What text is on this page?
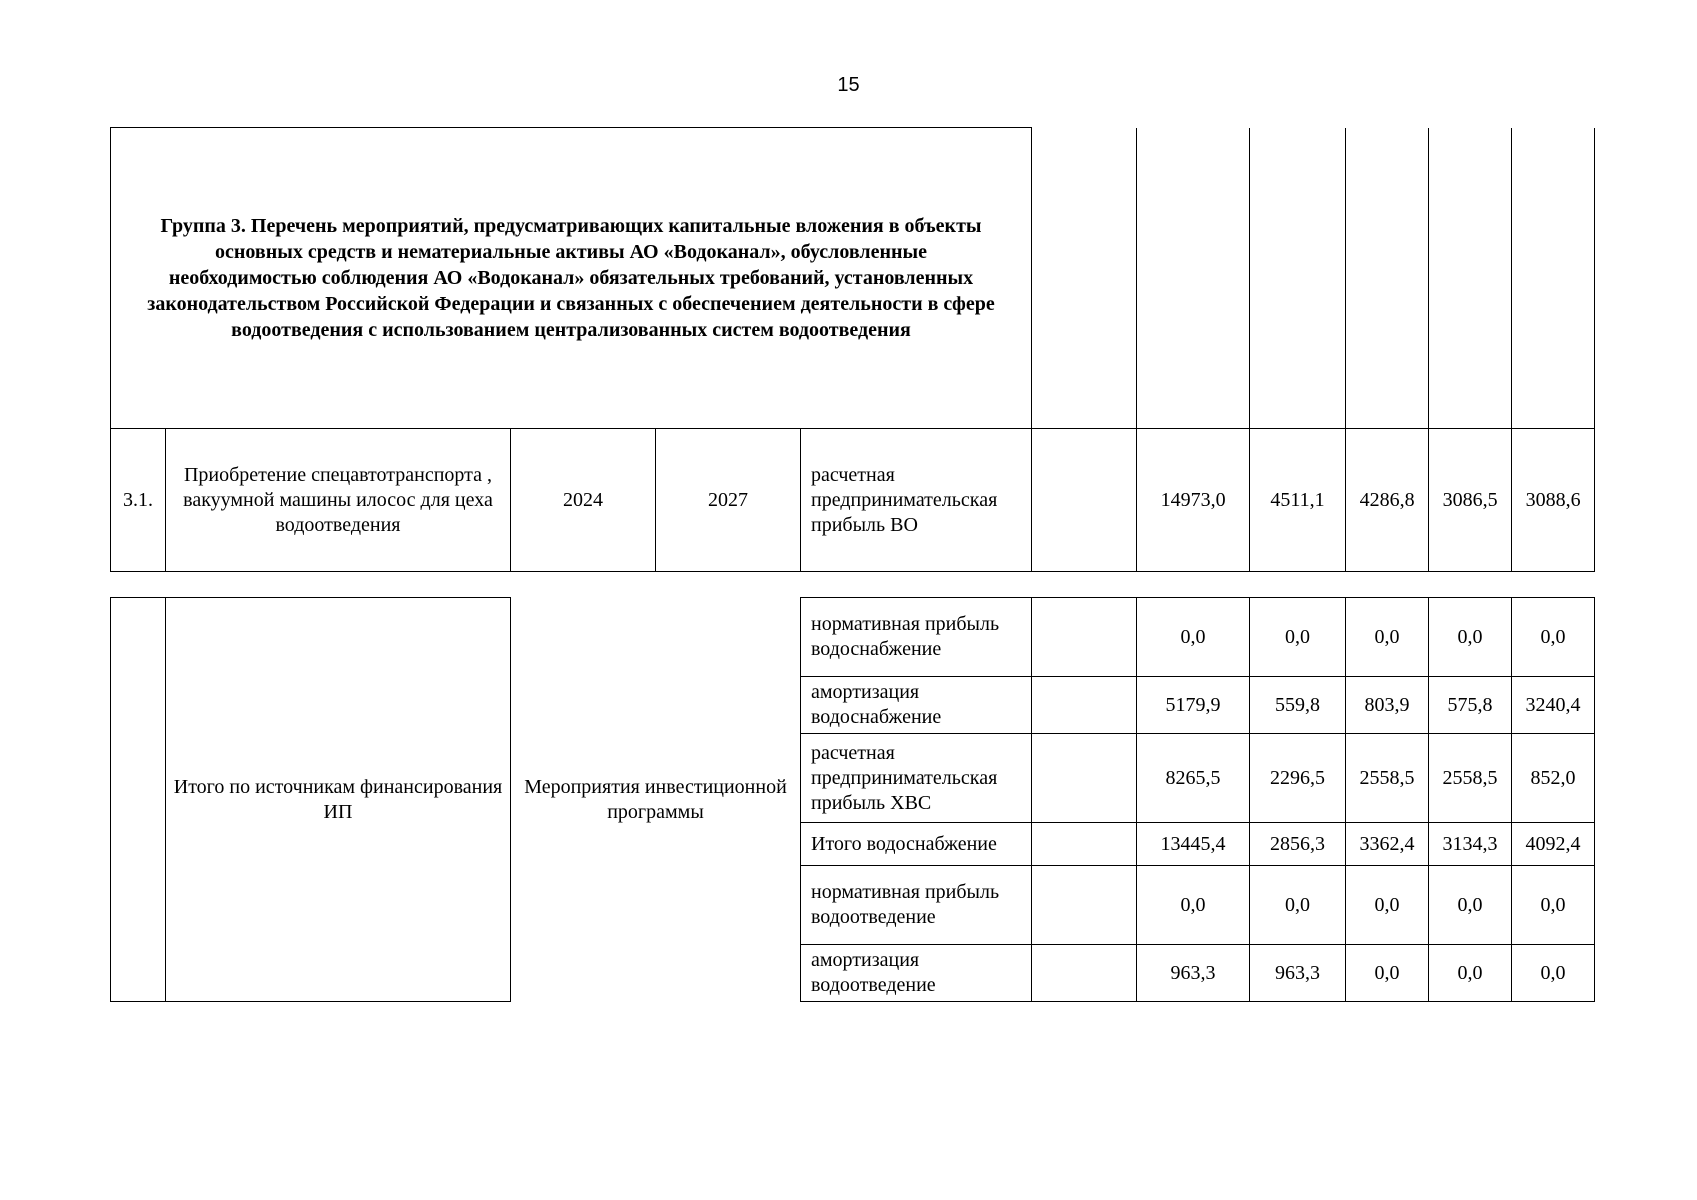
15
Группа 3. Перечень мероприятий, предусматривающих капитальные вложения в объекты основных средств и нематериальные активы АО «Водоканал», обусловленные необходимостью соблюдения АО «Водоканал» обязательных требований, установленных законодательством Российской Федерации и связанных с обеспечением деятельности в сфере водоотведения с использованием централизованных систем водоотведения										
3.1.	Приобретение спецавтотранспорта , вакуумной машины илосос для цеха водоотведения	2024	2027	расчетная предпринимательская прибыль ВО		14973,0	4511,1	4286,8	3086,5	3088,6
	Итого по источникам финансирования ИП	Мероприятия инвестиционной программы	нормативная прибыль водоснабжение		0,0	0,0	0,0	0,0	0,0
			амортизация водоснабжение		5179,9	559,8	803,9	575,8	3240,4
			расчетная предпринимательская прибыль ХВС		8265,5	2296,5	2558,5	2558,5	852,0
			Итого водоснабжение		13445,4	2856,3	3362,4	3134,3	4092,4
			нормативная прибыль водоотведение		0,0	0,0	0,0	0,0	0,0
			амортизация водоотведение		963,3	963,3	0,0	0,0	0,0
